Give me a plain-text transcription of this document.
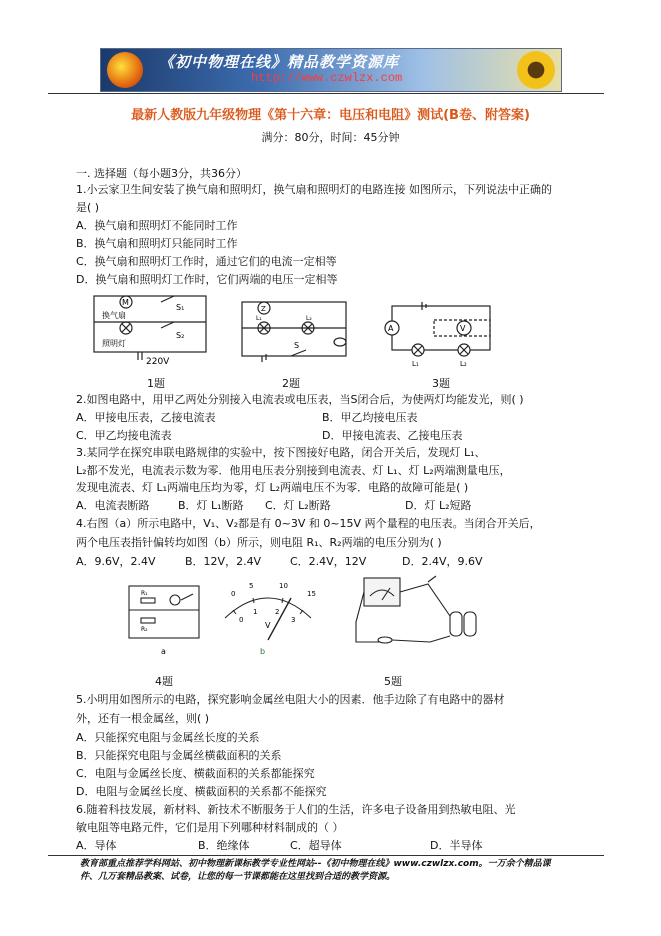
《初中物理在线》精品教学资源库
http://www.czwlzx.com
最新人教版九年级物理《第十六章：电压和电阻》测试(B卷、附答案)
满分：80分，时间：45分钟
一. 选择题（每小题3分，共36分）
1.小云家卫生间安装了换气扇和照明灯，换气扇和照明灯的电路连接 如图所示，下列说法中正确的
是( )
A．换气扇和照明灯不能同时工作
B．换气扇和照明灯只能同时工作
C．换气扇和照明灯工作时，通过它们的电流一定相等
D．换气扇和照明灯工作时，它们两端的电压一定相等
M
换气扇
照明灯
S₁
S₂
220V
1题
Z
L₁	L₂
S
2题
A	V
L₁	L₂
3题
2.如图电路中，用甲乙两处分别接入电流表或电压表，当S闭合后，为使两灯均能发光，则( )
A．甲接电压表，乙接电流表	B．甲乙均接电压表
C．甲乙均接电流表	D．甲接电流表、乙接电压表
3.某同学在探究串联电路规律的实验中，按下图接好电路，闭合开关后，发现灯 L₁、
L₂都不发光，电流表示数为零．他用电压表分别接到电流表、灯 L₁、灯 L₂两端测量电压，
发现电流表、灯 L₁两端电压均为零，灯 L₂两端电压不为零．电路的故障可能是( )
A．电流表断路	B．灯 L₁断路 C．灯 L₂断路	D．灯 L₂短路
4.右图（a）所示电路中，V₁、V₂都是有 0~3V 和 0~15V 两个量程的电压表。当闭合开关后，
两个电压表指针偏转均如图（b）所示，则电阻 R₁、R₂两端的电压分别为( )
A．9.6V，2.4V	B．12V，2.4V	C．2.4V，12V	D．2.4V，9.6V
R₁
R₂
a
0
5	10
15
0
1	2
3
V
b
4题	5题
5.小明用如图所示的电路，探究影响金属丝电阻大小的因素．他手边除了有电路中的器材
外，还有一根金属丝，则( )
A．只能探究电阻与金属丝长度的关系
B．只能探究电阻与金属丝横截面积的关系
C．电阻与金属丝长度、横截面积的关系都能探究
D．电阻与金属丝长度、横截面积的关系都不能探究
6.随着科技发展，新材料、新技术不断服务于人们的生活，许多电子设备用到热敏电阻、光
敏电阻等电路元件，它们是用下列哪种材料制成的（ ）
A．导体	B．绝缘体	C．超导体	D．半导体
教育部重点推荐学科网站、初中物理新课标教学专业性网站--《初中物理在线》www.czwlzx.com。一万余个精品课
件、几万套精品教案、试卷，让您的每一节课都能在这里找到合适的教学资源。
